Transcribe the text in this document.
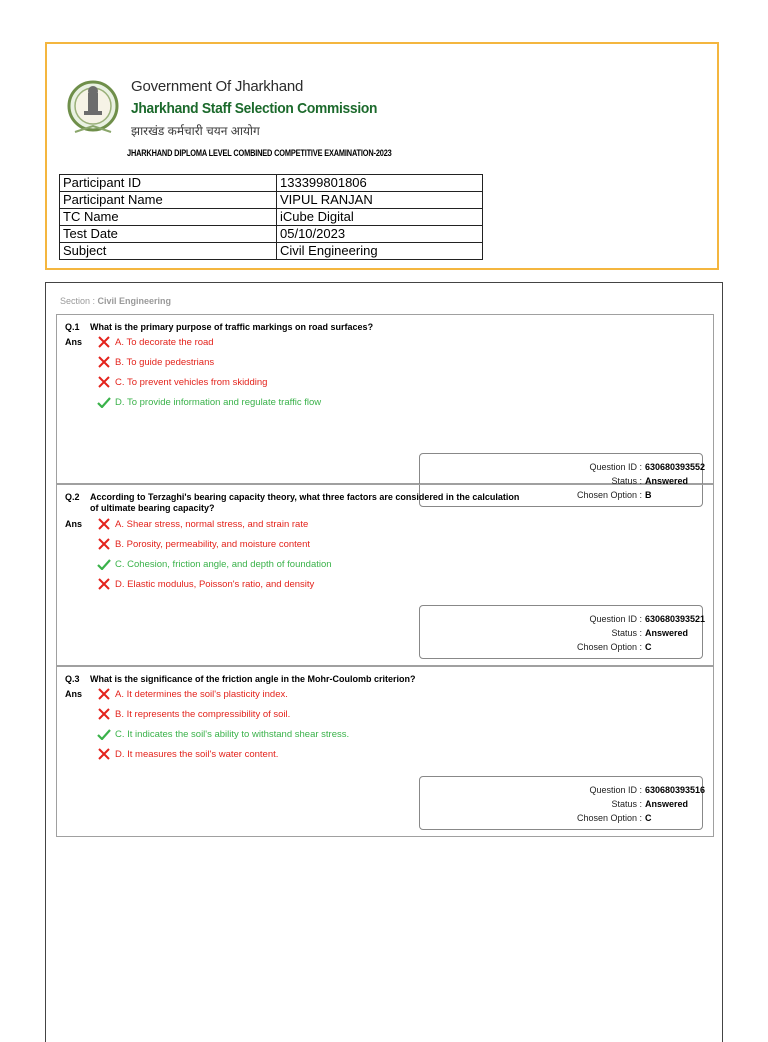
Government Of Jharkhand
Jharkhand Staff Selection Commission
झारखंड कर्मचारी चयन आयोग
JHARKHAND DIPLOMA LEVEL COMBINED COMPETITIVE EXAMINATION-2023
Participant ID	133399801806
Participant Name	VIPUL RANJAN
TC Name	iCube Digital
Test Date	05/10/2023
Subject	Civil Engineering
Section : Civil Engineering
Q.1 What is the primary purpose of traffic markings on road surfaces?
Ans	A. To decorate the road
B. To guide pedestrians
C. To prevent vehicles from skidding
D. To provide information and regulate traffic flow
Question ID : 630680393552
Status : Answered
Chosen Option : B
Q.2 According to Terzaghi's bearing capacity theory, what three factors are considered in the calculation of ultimate bearing capacity?
Ans	A. Shear stress, normal stress, and strain rate
B. Porosity, permeability, and moisture content
C. Cohesion, friction angle, and depth of foundation
D. Elastic modulus, Poisson's ratio, and density
Question ID : 630680393521
Status : Answered
Chosen Option : C
Q.3 What is the significance of the friction angle in the Mohr-Coulomb criterion?
Ans	A. It determines the soil's plasticity index.
B. It represents the compressibility of soil.
C. It indicates the soil's ability to withstand shear stress.
D. It measures the soil's water content.
Question ID : 630680393516
Status : Answered
Chosen Option : C
